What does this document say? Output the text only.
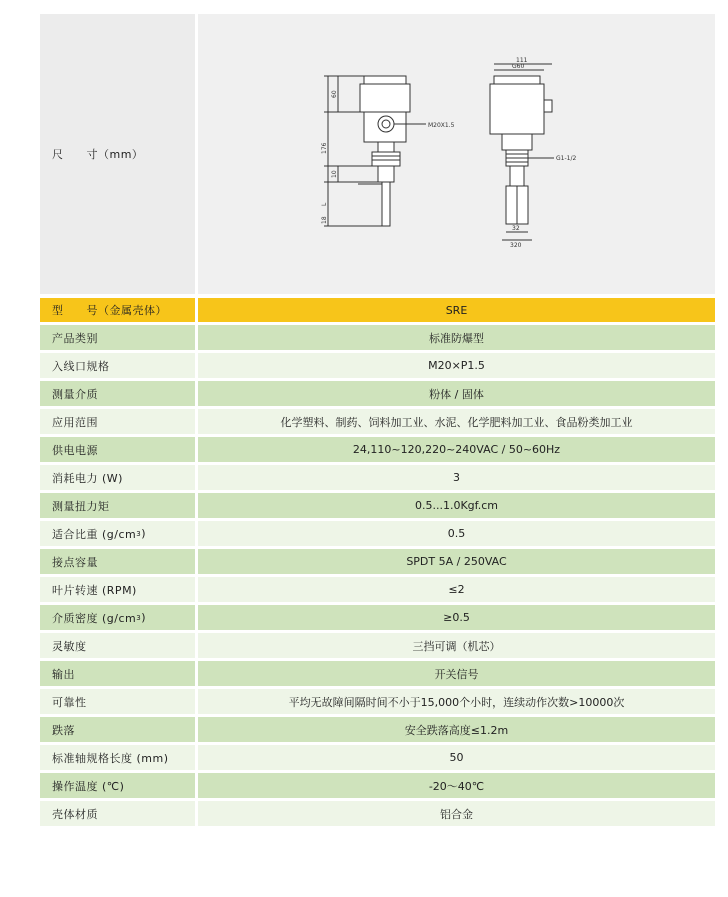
尺　　寸（mm）
60
176
10
L
18
M20X1.5
111
G60
G1-1/2
32
320
型　　号（金属壳体）	SRE
产品类别	标准防爆型
入线口规格	M20×P1.5
测量介质	粉体 / 固体
应用范围	化学塑料、制药、饲料加工业、水泥、化学肥料加工业、食品粉类加工业
供电电源	24,110~120,220~240VAC / 50~60Hz
消耗电力 (W)	3
测量扭力矩	0.5...1.0Kgf.cm
适合比重 (g/cm 3 )	0.5
接点容量	SPDT 5A / 250VAC
叶片转速 (RPM)	≤2
介质密度 (g/cm 3 )	≥0.5
灵敏度	三挡可调（机芯）
输出	开关信号
可靠性	平均无故障间隔时间不小于15,000个小时，连续动作次数>10000次
跌落	安全跌落高度≤1.2m
标准轴规格长度 (mm)	50
操作温度 (℃)	-20～40℃
壳体材质	铝合金
